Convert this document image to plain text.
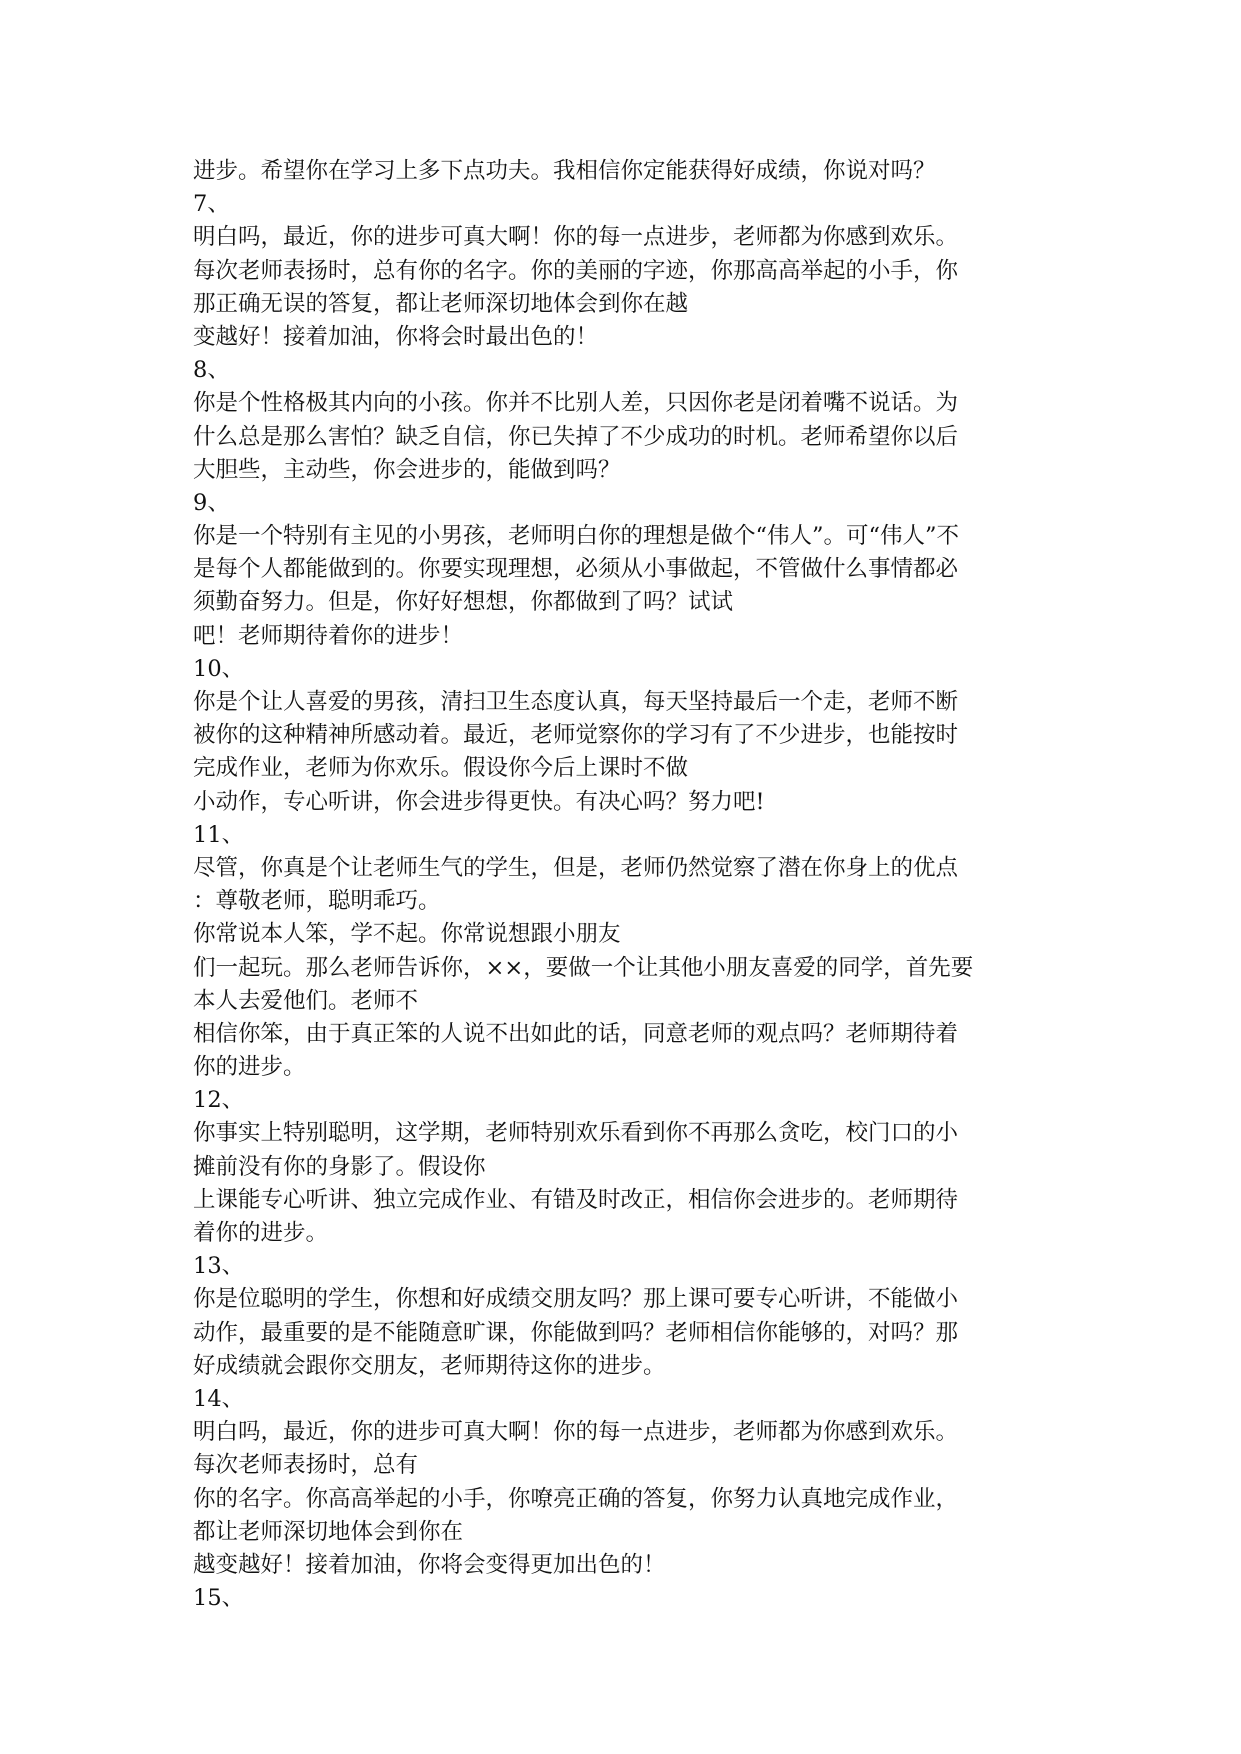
进步。希望你在学习上多下点功夫。我相信你定能获得好成绩，你说对吗？
7、
明白吗，最近，你的进步可真大啊！你的每一点进步，老师都为你感到欢乐。
每次老师表扬时，总有你的名字。你的美丽的字迹，你那高高举起的小手，你
那正确无误的答复，都让老师深切地体会到你在越
变越好！接着加油，你将会时最出色的！
8、
你是个性格极其内向的小孩。你并不比别人差，只因你老是闭着嘴不说话。为
什么总是那么害怕？缺乏自信，你已失掉了不少成功的时机。老师希望你以后
大胆些，主动些，你会进步的，能做到吗？
9、
你是一个特别有主见的小男孩，老师明白你的理想是做个“伟人”。可“伟人”不
是每个人都能做到的。你要实现理想，必须从小事做起，不管做什么事情都必
须勤奋努力。但是，你好好想想，你都做到了吗？试试
吧！老师期待着你的进步！
10、
你是个让人喜爱的男孩，清扫卫生态度认真，每天坚持最后一个走，老师不断
被你的这种精神所感动着。最近，老师觉察你的学习有了不少进步，也能按时
完成作业，老师为你欢乐。假设你今后上课时不做
小动作，专心听讲，你会进步得更快。有决心吗？努力吧!
11、
尽管，你真是个让老师生气的学生，但是，老师仍然觉察了潜在你身上的优点
：尊敬老师，聪明乖巧。
你常说本人笨，学不起。你常说想跟小朋友
们一起玩。那么老师告诉你，××，要做一个让其他小朋友喜爱的同学，首先要
本人去爱他们。老师不
相信你笨，由于真正笨的人说不出如此的话，同意老师的观点吗？老师期待着
你的进步。
12、
你事实上特别聪明，这学期，老师特别欢乐看到你不再那么贪吃，校门口的小
摊前没有你的身影了。假设你
上课能专心听讲、独立完成作业、有错及时改正，相信你会进步的。老师期待
着你的进步。
13、
你是位聪明的学生，你想和好成绩交朋友吗？那上课可要专心听讲，不能做小
动作，最重要的是不能随意旷课，你能做到吗？老师相信你能够的，对吗？那
好成绩就会跟你交朋友，老师期待这你的进步。
14、
明白吗，最近，你的进步可真大啊！你的每一点进步，老师都为你感到欢乐。
每次老师表扬时，总有
你的名字。你高高举起的小手，你嘹亮正确的答复，你努力认真地完成作业，
都让老师深切地体会到你在
越变越好！接着加油，你将会变得更加出色的！
15、
